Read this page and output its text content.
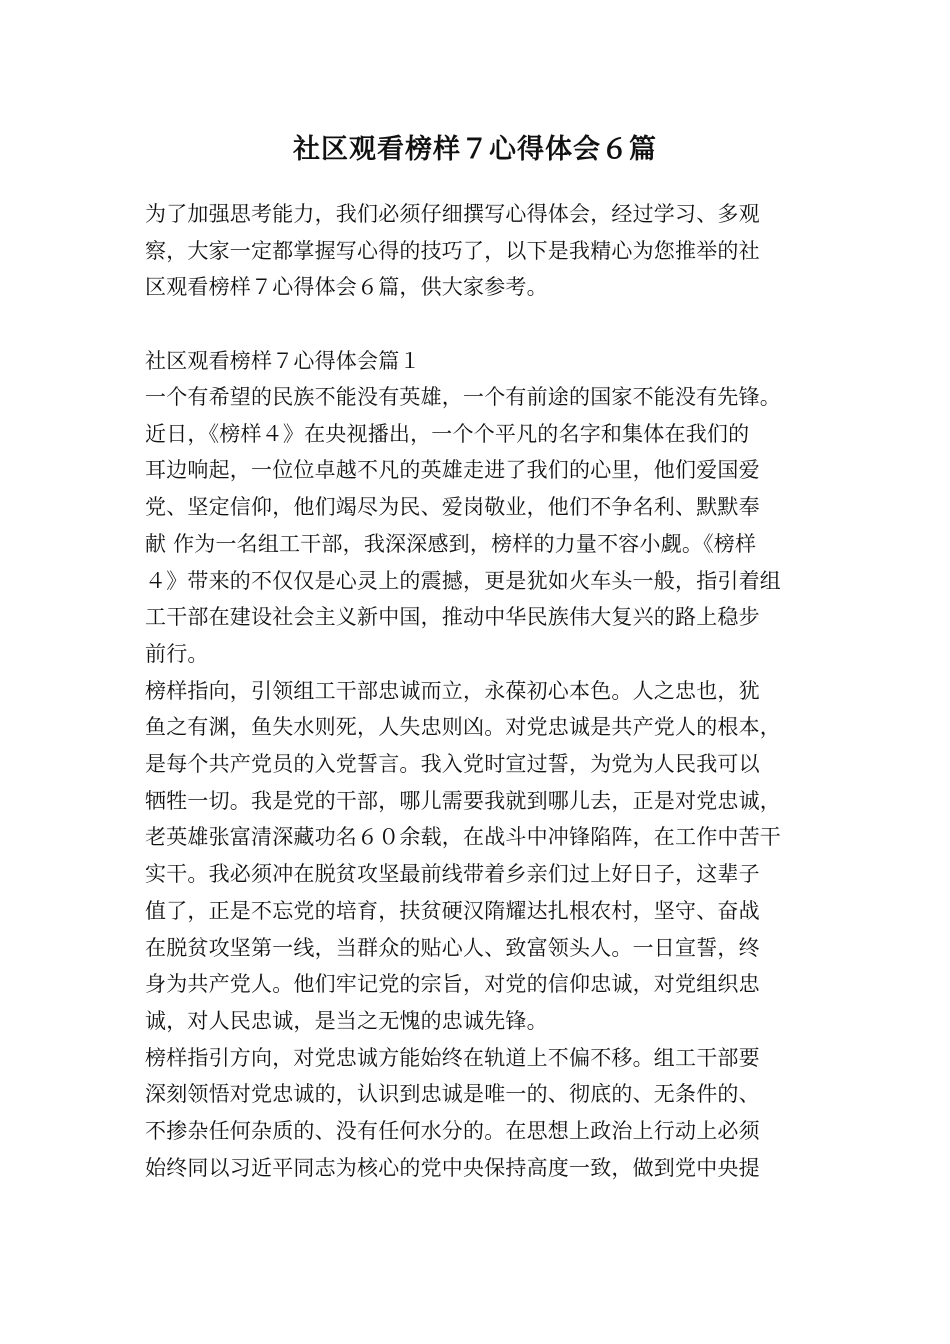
社区观看榜样７心得体会６篇
为了加强思考能力，我们必须仔细撰写心得体会，经过学习、多观
察，大家一定都掌握写心得的技巧了，以下是我精心为您推举的社
区观看榜样７心得体会６篇，供大家参考。
社区观看榜样７心得体会篇１
一个有希望的民族不能没有英雄，一个有前途的国家不能没有先锋。
近日，《榜样４》在央视播出，一个个平凡的名字和集体在我们的
耳边响起，一位位卓越不凡的英雄走进了我们的心里，他们爱国爱
党、坚定信仰，他们竭尽为民、爱岗敬业，他们不争名利、默默奉
献 作为一名组工干部，我深深感到，榜样的力量不容小觑。《榜样
４》带来的不仅仅是心灵上的震撼，更是犹如火车头一般，指引着组
工干部在建设社会主义新中国，推动中华民族伟大复兴的路上稳步
前行。
榜样指向，引领组工干部忠诚而立，永葆初心本色。人之忠也，犹
鱼之有渊，鱼失水则死，人失忠则凶。对党忠诚是共产党人的根本，
是每个共产党员的入党誓言。我入党时宣过誓，为党为人民我可以
牺牲一切。我是党的干部，哪儿需要我就到哪儿去，正是对党忠诚，
老英雄张富清深藏功名６０余载，在战斗中冲锋陷阵，在工作中苦干
实干。我必须冲在脱贫攻坚最前线带着乡亲们过上好日子，这辈子
值了，正是不忘党的培育，扶贫硬汉隋耀达扎根农村，坚守、奋战
在脱贫攻坚第一线，当群众的贴心人、致富领头人。一日宣誓，终
身为共产党人。他们牢记党的宗旨，对党的信仰忠诚，对党组织忠
诚，对人民忠诚，是当之无愧的忠诚先锋。
榜样指引方向，对党忠诚方能始终在轨道上不偏不移。组工干部要
深刻领悟对党忠诚的，认识到忠诚是唯一的、彻底的、无条件的、
不掺杂任何杂质的、没有任何水分的。在思想上政治上行动上必须
始终同以习近平同志为核心的党中央保持高度一致，做到党中央提
